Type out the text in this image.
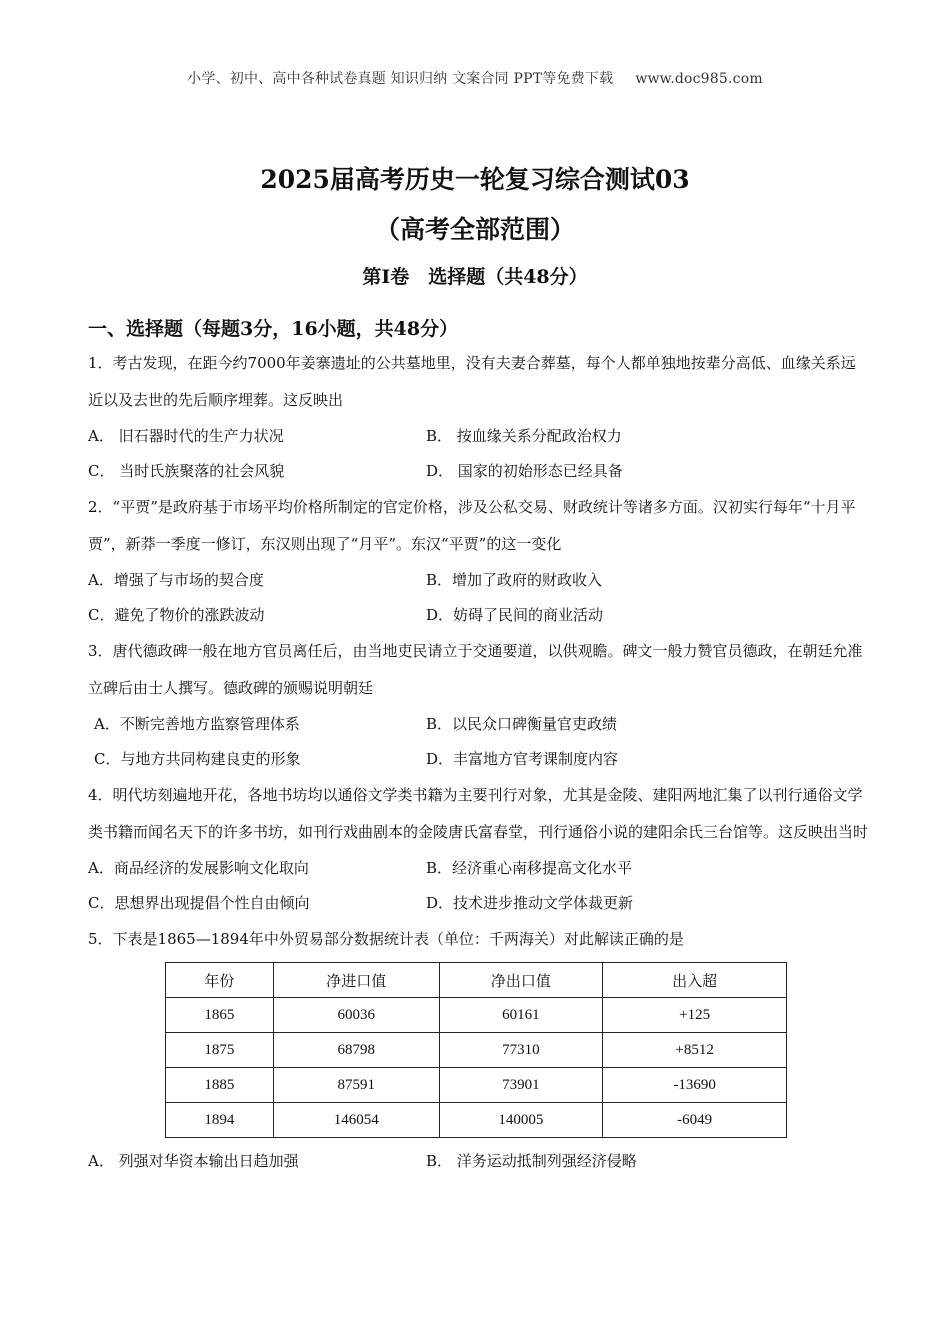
小学、初中、高中各种试卷真题 知识归纳 文案合同 PPT等免费下载 www.doc985.com
2025届高考历史一轮复习综合测试03
（高考全部范围）
第Ⅰ卷　选择题（共48分）
一、选择题（每题3分，16小题，共48分）

1．考古发现，在距今约7000年姜寨遗址的公共墓地里，没有夫妻合葬墓，每个人都单独地按辈分高低、血缘关系远近以及去世的先后顺序埋葬。这反映出

A． 旧石器时代的生产力状况	B． 按血缘关系分配政治权力
C． 当时氏族聚落的社会风貌	D． 国家的初始形态已经具备

2．“平贾”是政府基于市场平均价格所制定的官定价格，涉及公私交易、财政统计等诸多方面。汉初实行每年“十月平贾”，新莽一季度一修订，东汉则出现了“月平”。东汉“平贾”的这一变化

A．增强了与市场的契合度	B．增加了政府的财政收入
C．避免了物价的涨跌波动	D．妨碍了民间的商业活动

3．唐代德政碑一般在地方官员离任后，由当地吏民请立于交通要道，以供观瞻。碑文一般力赞官员德政，在朝廷允准立碑后由士人撰写。德政碑的颁赐说明朝廷

A．不断完善地方监察管理体系	B．以民众口碑衡量官吏政绩
C．与地方共同构建良吏的形象	D．丰富地方官考课制度内容

4．明代坊刻遍地开花，各地书坊均以通俗文学类书籍为主要刊行对象，尤其是金陵、建阳两地汇集了以刊行通俗文学类书籍而闻名天下的许多书坊，如刊行戏曲剧本的金陵唐氏富春堂，刊行通俗小说的建阳余氏三台馆等。这反映出当时

A．商品经济的发展影响文化取向	B．经济重心南移提高文化水平
C．思想界出现提倡个性自由倾向	D．技术进步推动文学体裁更新

5．下表是1865—1894年中外贸易部分数据统计表（单位：千两海关）对此解读正确的是

年份	净进口值	净出口值	出入超
1865	60036	60161	+125
1875	68798	77310	+8512
1885	87591	73901	-13690
1894	146054	140005	-6049
A． 列强对华资本输出日趋加强	B． 洋务运动抵制列强经济侵略
